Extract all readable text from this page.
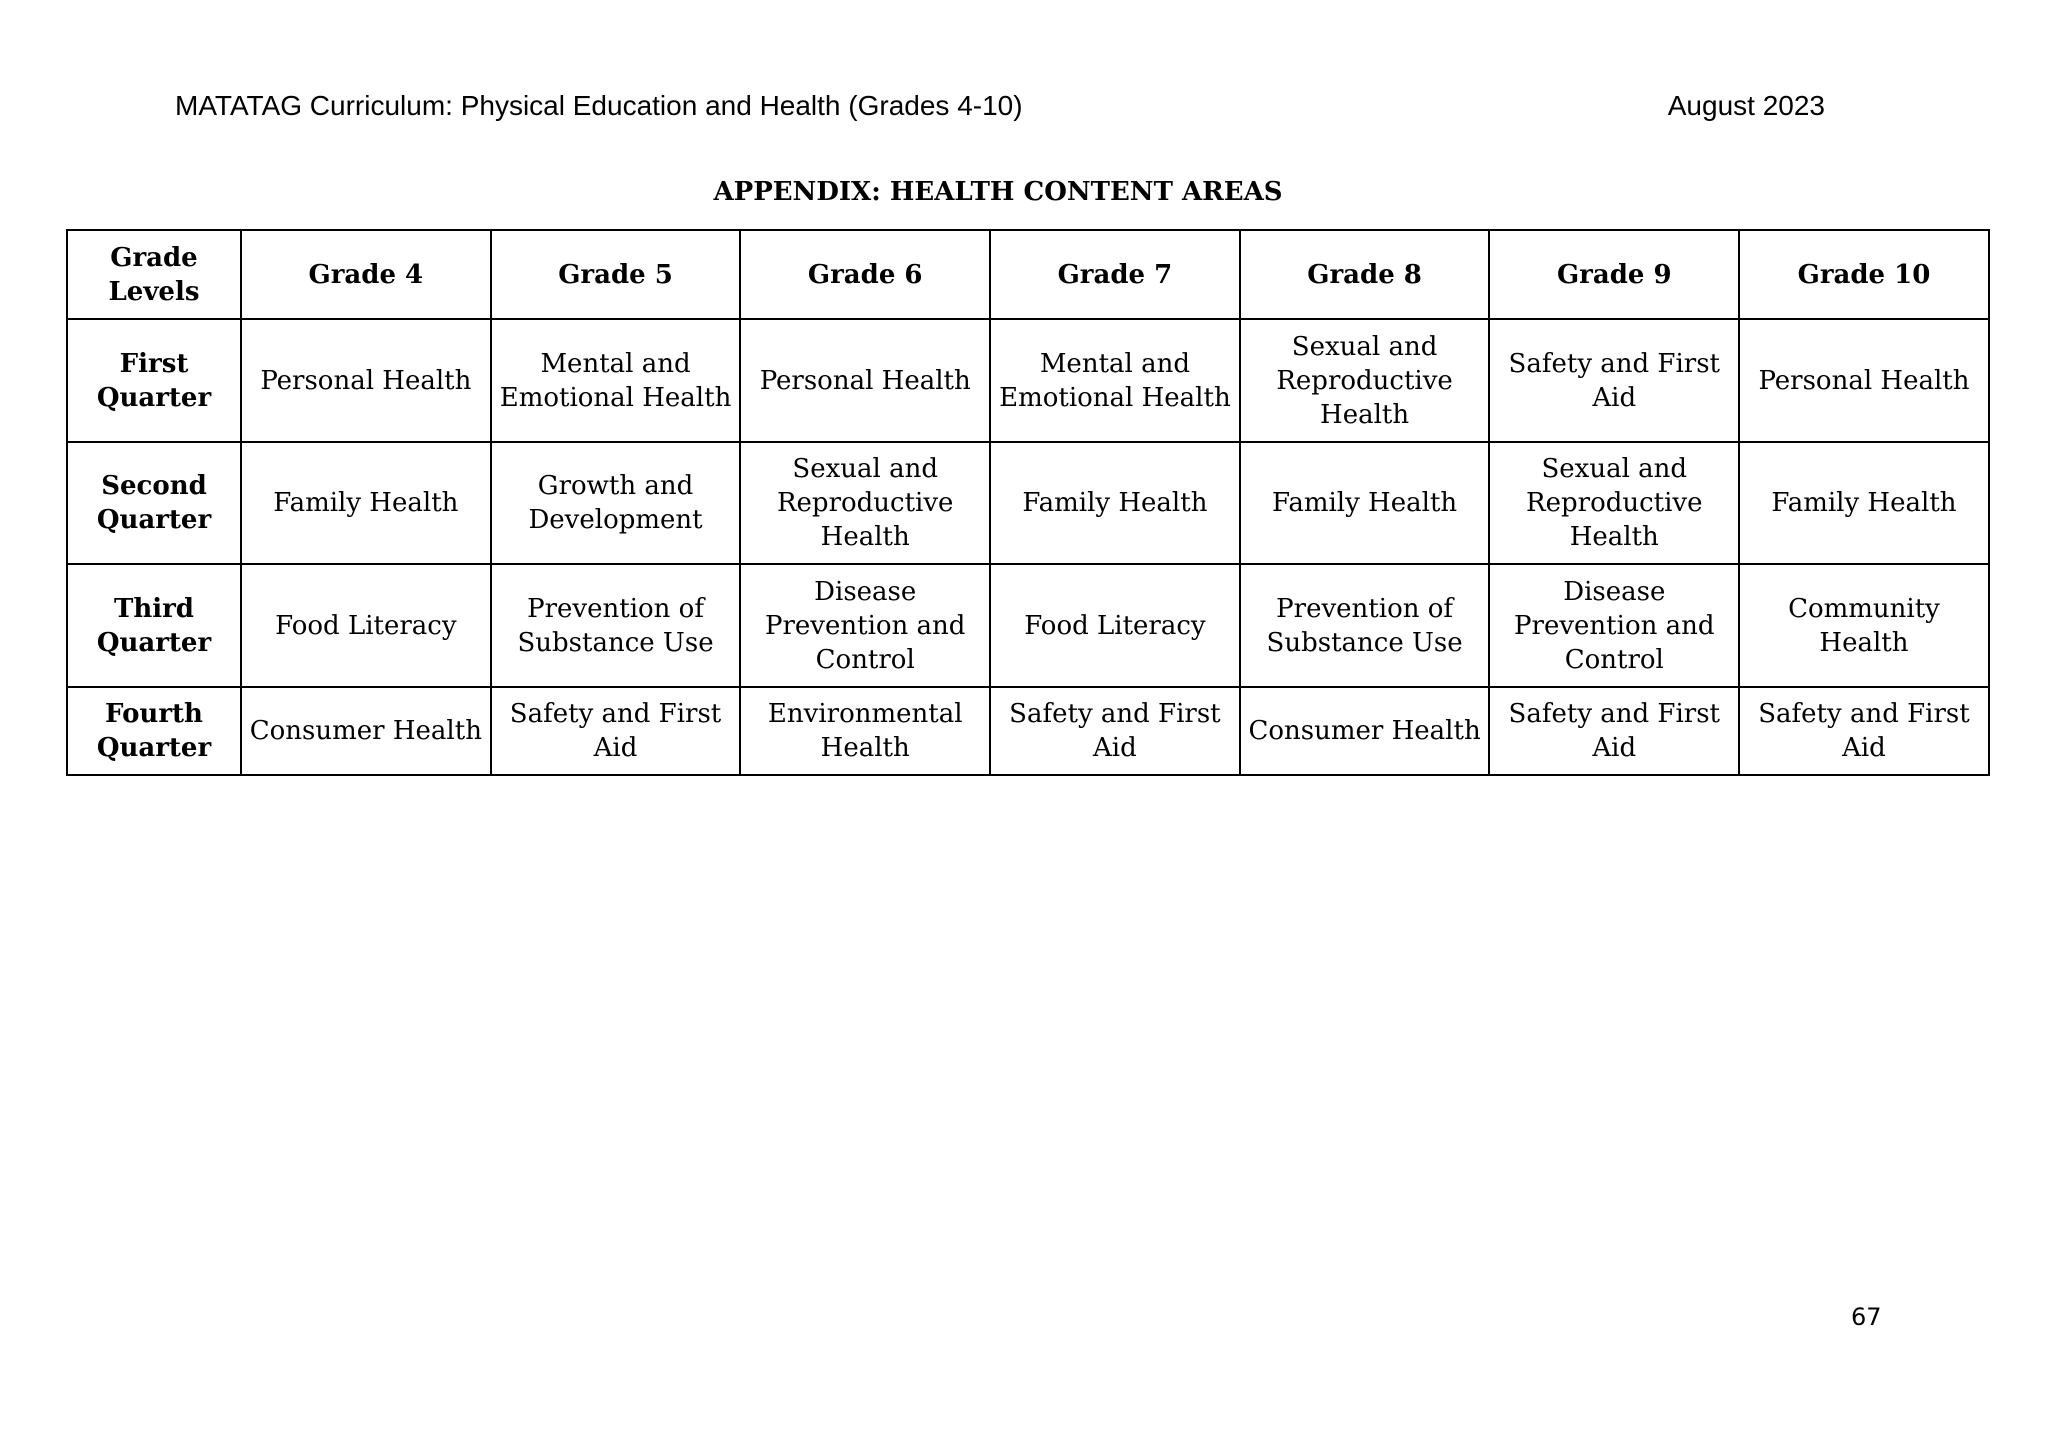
MATATAG Curriculum: Physical Education and Health (Grades 4-10)	August 2023
APPENDIX: HEALTH CONTENT AREAS
Grade Levels	Grade 4	Grade 5	Grade 6	Grade 7	Grade 8	Grade 9	Grade 10
First Quarter	Personal Health	Mental and Emotional Health	Personal Health	Mental and Emotional Health	Sexual and Reproductive Health	Safety and First Aid	Personal Health
Second Quarter	Family Health	Growth and Development	Sexual and Reproductive Health	Family Health	Family Health	Sexual and Reproductive Health	Family Health
Third Quarter	Food Literacy	Prevention of Substance Use	Disease Prevention and Control	Food Literacy	Prevention of Substance Use	Disease Prevention and Control	Community Health
Fourth Quarter	Consumer Health	Safety and First Aid	Environmental Health	Safety and First Aid	Consumer Health	Safety and First Aid	Safety and First Aid
67
